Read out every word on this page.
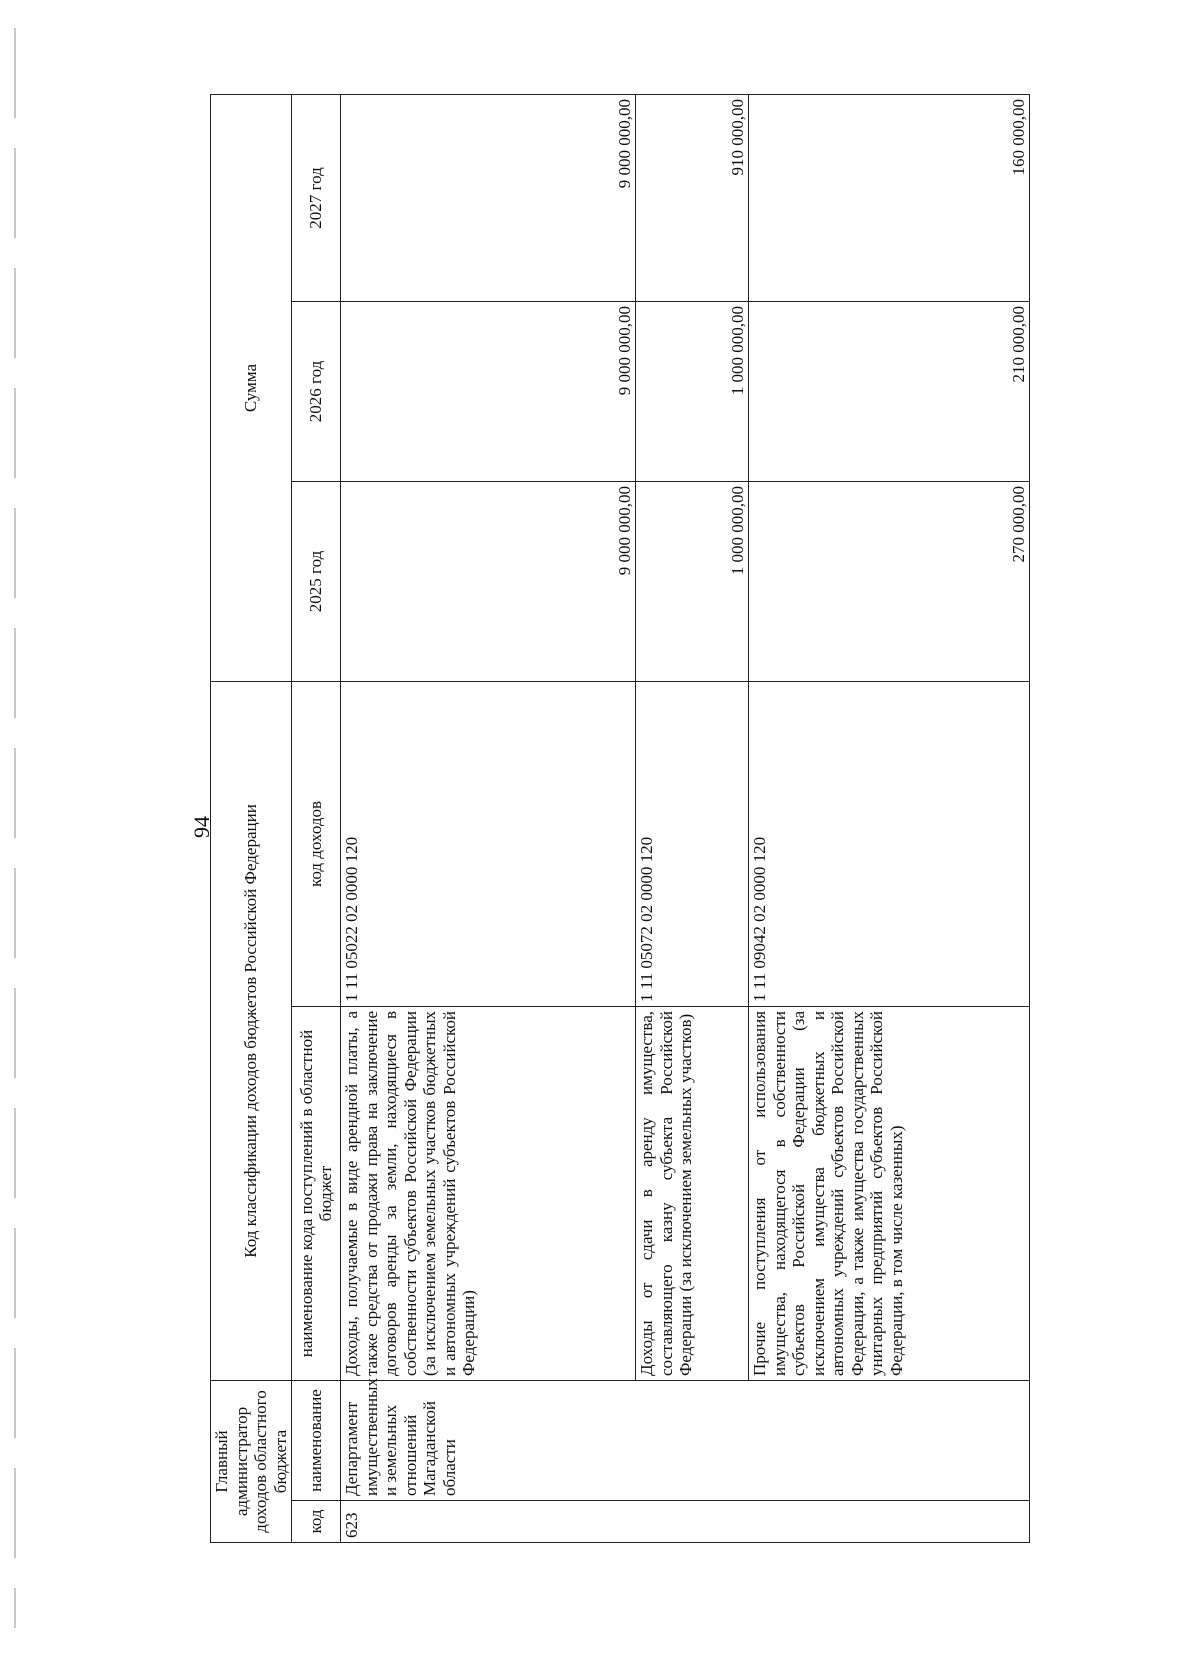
94
Главный администратор доходов областного бюджета		Код классификации доходов бюджетов Российской Федерации		Сумма		
код	наименование	наименование кода поступлений в областной бюджет	код доходов	2025 год	2026 год	2027 год
623	Департамент имущественных и земельных отношений Магаданской области	Доходы, получаемые в виде арендной платы, а также средства от продажи права на заключение договоров аренды за земли, находящиеся в собственности субъектов Российской Федерации (за исключением земельных участков бюджетных и автономных учреждений субъектов Российской Федерации)	1 11 05022 02 0000 120	9 000 000,00	9 000 000,00	9 000 000,00
		Доходы от сдачи в аренду имущества, составляющего казну субъекта Российской Федерации (за исключением земельных участков)	1 11 05072 02 0000 120	1 000 000,00	1 000 000,00	910 000,00
		Прочие поступления от использования имущества, находящегося в собственности субъектов Российской Федерации (за исключением имущества бюджетных и автономных учреждений субъектов Российской Федерации, а также имущества государственных унитарных предприятий субъектов Российской Федерации, в том числе казенных)	1 11 09042 02 0000 120	270 000,00	210 000,00	160 000,00
